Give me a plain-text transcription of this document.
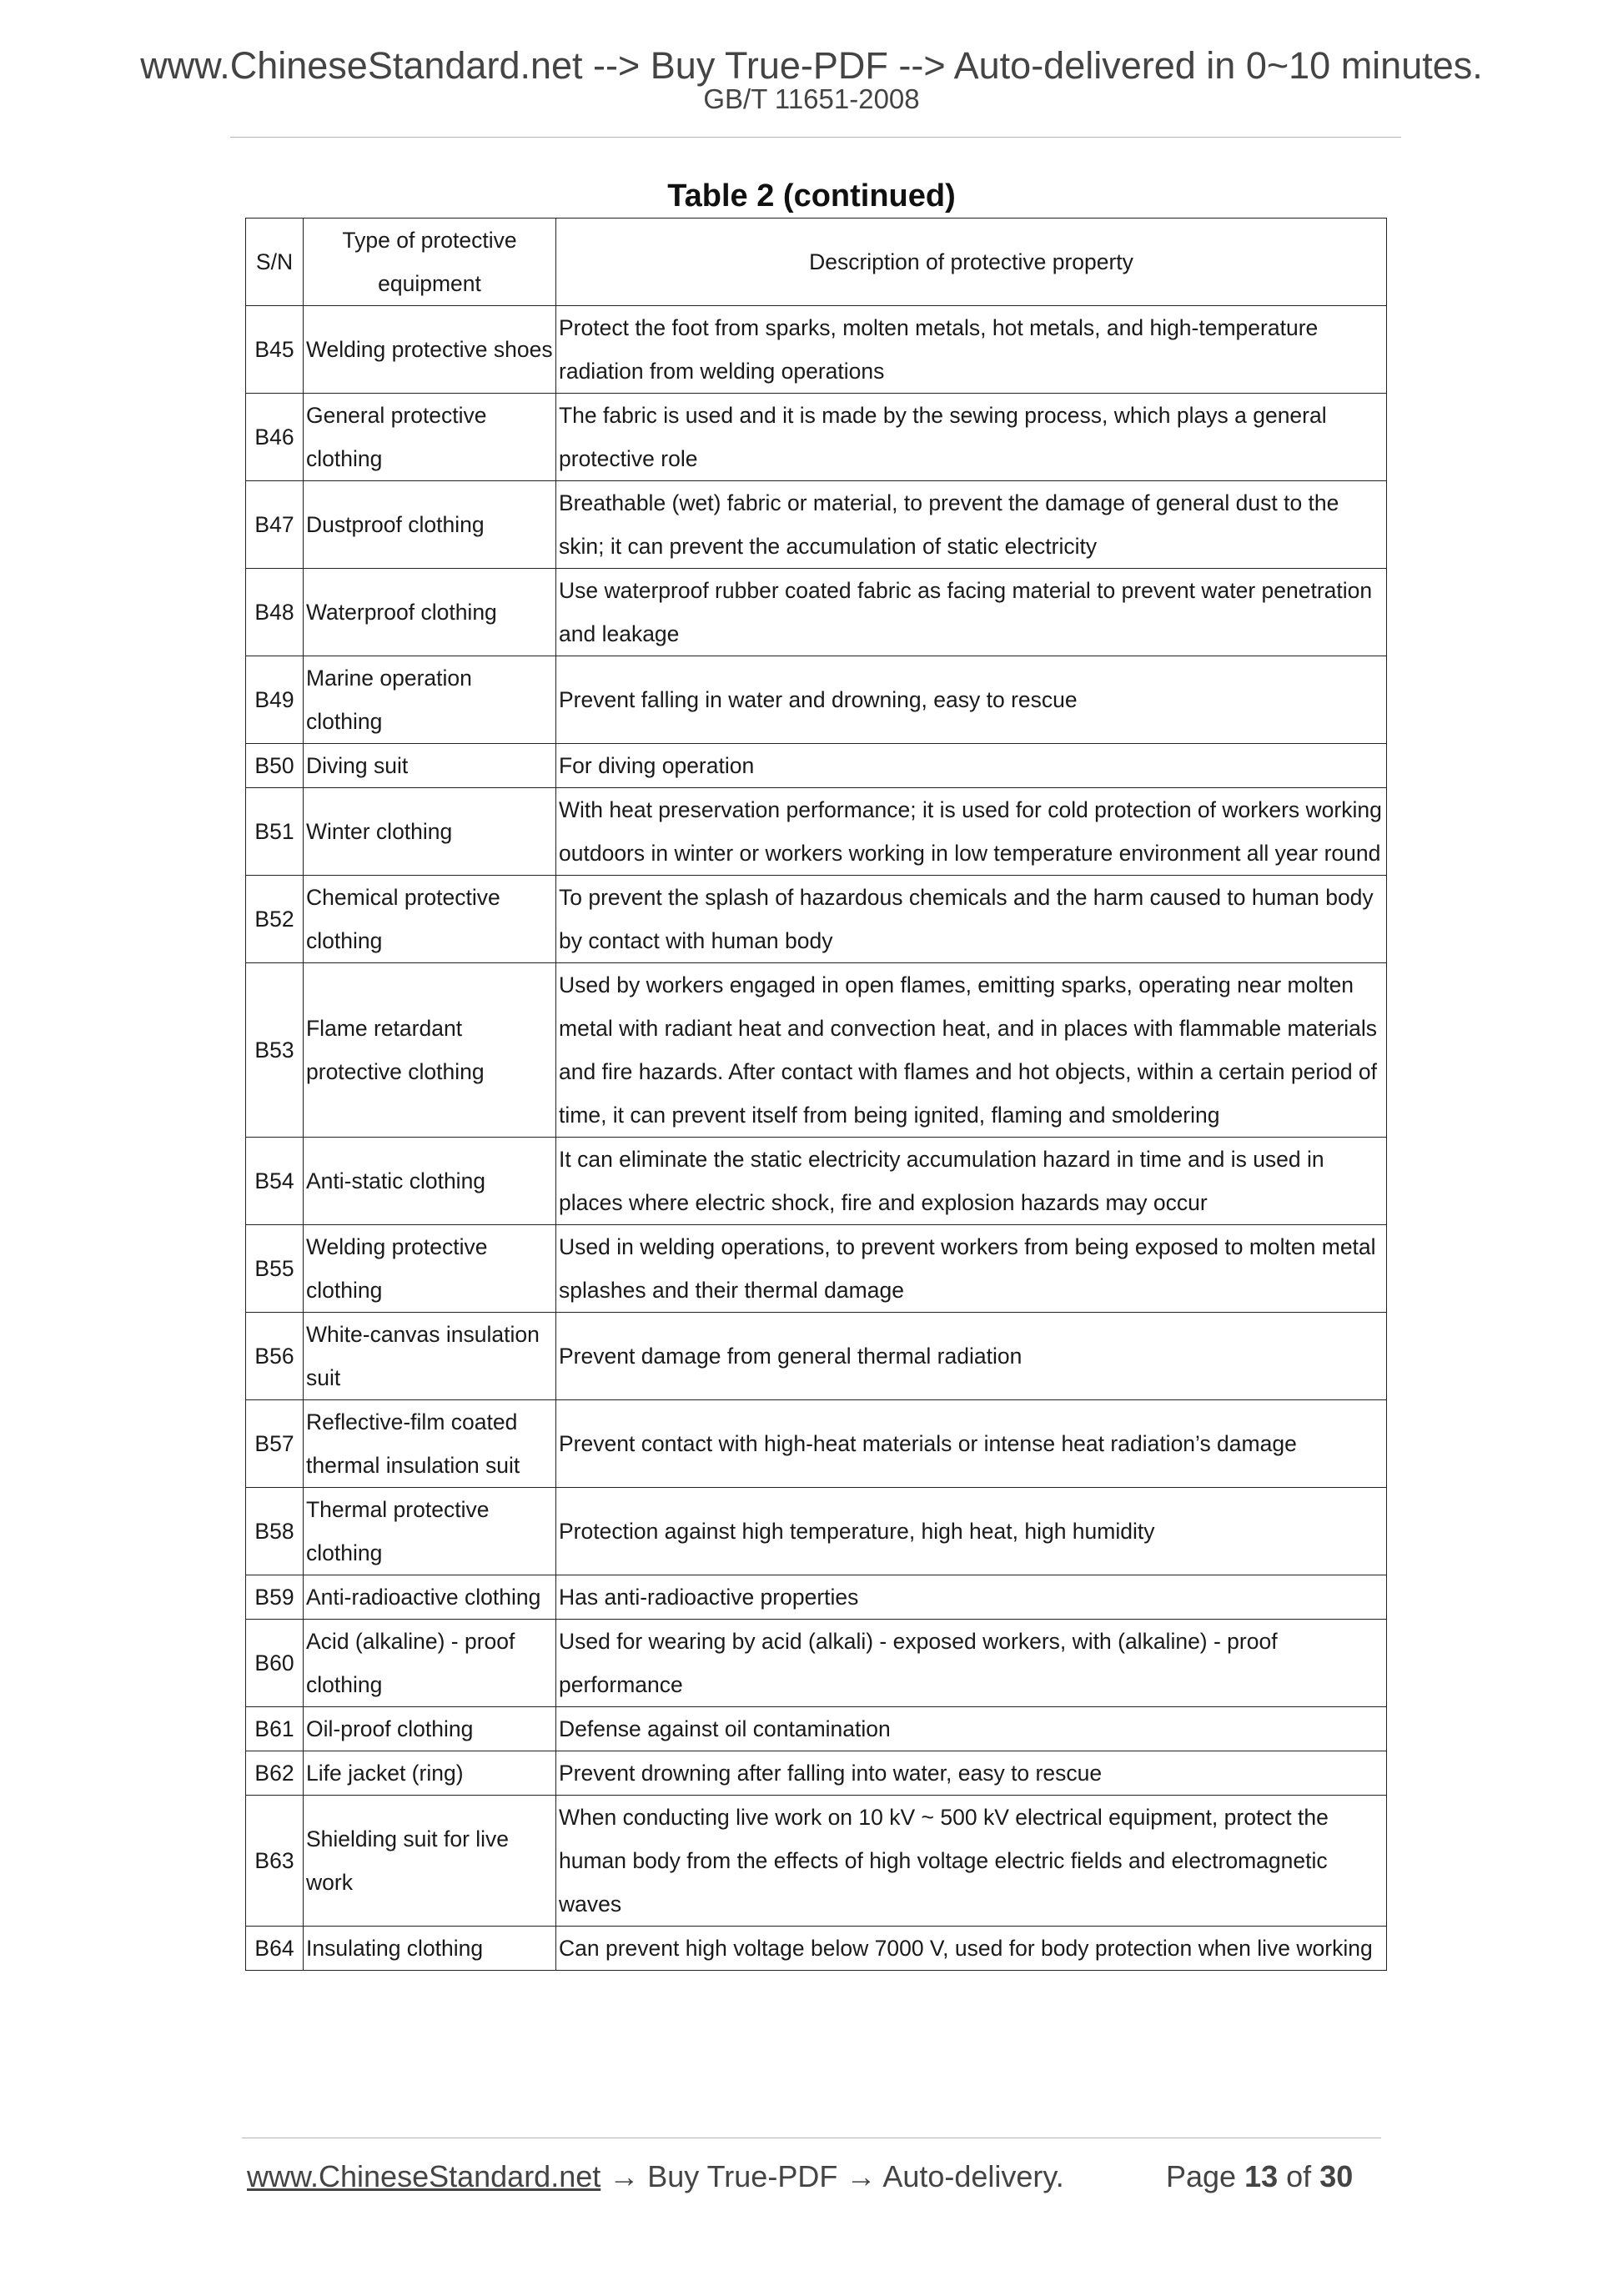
www.ChineseStandard.net --> Buy True-PDF --> Auto-delivered in 0~10 minutes.
GB/T 11651-2008
Table 2 (continued)
S/N	Type of protective equipment	Description of protective property
B45	Welding protective shoes	Protect the foot from sparks, molten metals, hot metals, and high-temperature radiation from welding operations
B46	General protective clothing	The fabric is used and it is made by the sewing process, which plays a general protective role
B47	Dustproof clothing	Breathable (wet) fabric or material, to prevent the damage of general dust to the skin; it can prevent the accumulation of static electricity
B48	Waterproof clothing	Use waterproof rubber coated fabric as facing material to prevent water penetration and leakage
B49	Marine operation clothing	Prevent falling in water and drowning, easy to rescue
B50	Diving suit	For diving operation
B51	Winter clothing	With heat preservation performance; it is used for cold protection of workers working outdoors in winter or workers working in low temperature environment all year round
B52	Chemical protective clothing	To prevent the splash of hazardous chemicals and the harm caused to human body by contact with human body
B53	Flame retardant protective clothing	Used by workers engaged in open flames, emitting sparks, operating near molten metal with radiant heat and convection heat, and in places with flammable materials and fire hazards. After contact with flames and hot objects, within a certain period of time, it can prevent itself from being ignited, flaming and smoldering
B54	Anti-static clothing	It can eliminate the static electricity accumulation hazard in time and is used in places where electric shock, fire and explosion hazards may occur
B55	Welding protective clothing	Used in welding operations, to prevent workers from being exposed to molten metal splashes and their thermal damage
B56	White-canvas insulation suit	Prevent damage from general thermal radiation
B57	Reflective-film coated thermal insulation suit	Prevent contact with high-heat materials or intense heat radiation’s damage
B58	Thermal protective clothing	Protection against high temperature, high heat, high humidity
B59	Anti-radioactive clothing	Has anti-radioactive properties
B60	Acid (alkaline) - proof clothing	Used for wearing by acid (alkali) - exposed workers, with (alkaline) - proof performance
B61	Oil-proof clothing	Defense against oil contamination
B62	Life jacket (ring)	Prevent drowning after falling into water, easy to rescue
B63	Shielding suit for live work	When conducting live work on 10 kV ~ 500 kV electrical equipment, protect the human body from the effects of high voltage electric fields and electromagnetic waves
B64	Insulating clothing	Can prevent high voltage below 7000 V, used for body protection when live working
www.ChineseStandard.net → Buy True-PDF → Auto-delivery.	Page 13 of 30
